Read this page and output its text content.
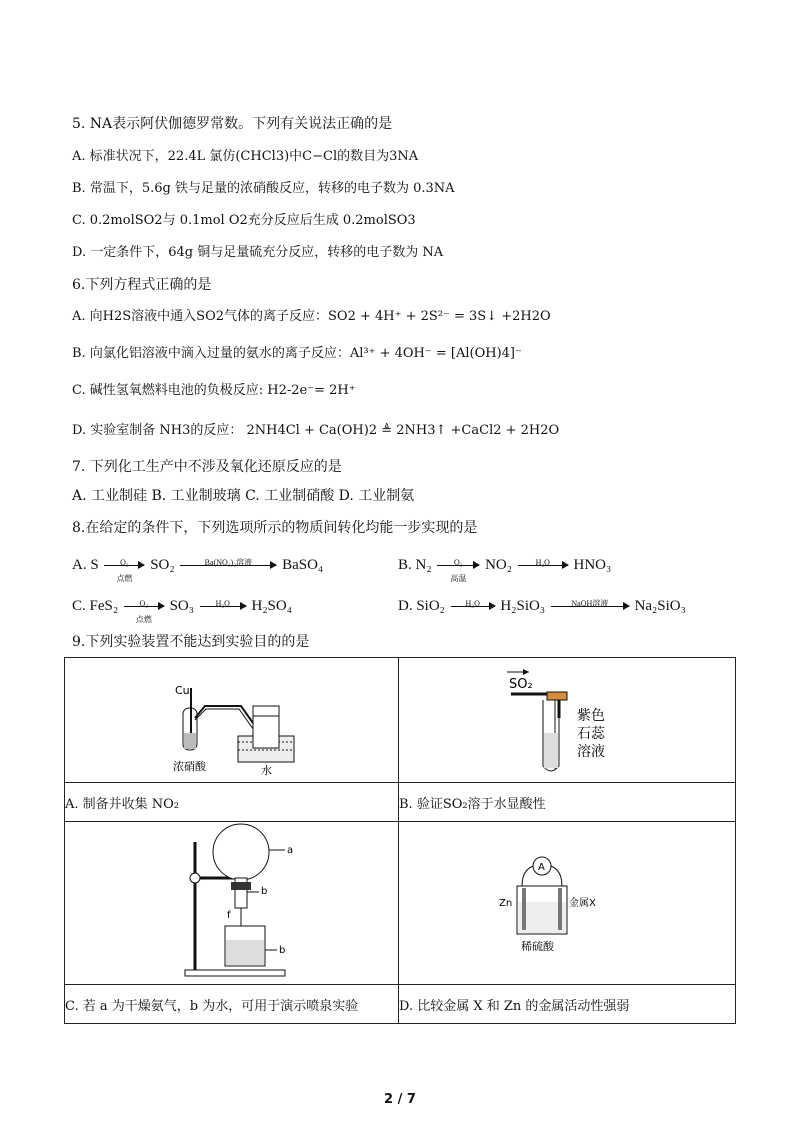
5. NA表示阿伏伽德罗常数。下列有关说法正确的是
A. 标准状况下，22.4L 氯仿(CHCl3)中C−Cl的数目为3NA
B. 常温下，5.6g 铁与足量的浓硝酸反应，转移的电子数为 0.3NA
C. 0.2molSO2与 0.1mol O2充分反应后生成 0.2molSO3
D. 一定条件下，64g 铜与足量硫充分反应，转移的电子数为 NA
6.下列方程式正确的是
A. 向H2S溶液中通入SO2气体的离子反应：SO2 + 4H⁺ + 2S²⁻ = 3S↓ +2H2O
B. 向氯化铝溶液中滴入过量的氨水的离子反应：Al³⁺ + 4OH⁻ = [Al(OH)4]⁻
C. 碱性氢氧燃料电池的负极反应: H2-2e⁻= 2H⁺
D. 实验室制备 NH3的反应： 2NH4Cl + Ca(OH)2 ≜ 2NH3↑ +CaCl2 + 2H2O
7. 下列化工生产中不涉及氧化还原反应的是
A. 工业制硅 B. 工业制玻璃 C. 工业制硝酸 D. 工业制氨
8.在给定的条件下，下列选项所示的物质间转化均能一步实现的是
A. S	O₂
点燃
SO₂	Ba(NO₃)₂溶液	BaSO₄	B. N₂	O₂
高温
NO₂	H₂O	HNO₃
C. FeS₂	O₂
点燃
SO₃	H₂O	H₂SO₄	D. SiO₂	H₂O	H₂SiO₃	NaOH溶液	Na₂SiO₃
9.下列实验装置不能达到实验目的的是
Cu
浓硝酸 水	SO₂
紫色
石蕊
溶液

A. 制备并收集 NO₂	B. 验证SO₂溶于水显酸性

b
a
f
b	A
Zn 金属X
稀硫酸

C. 若 a 为干燥氨气，b 为水，可用于演示喷泉实验	D. 比较金属 X 和 Zn 的金属活动性强弱
2 / 7
